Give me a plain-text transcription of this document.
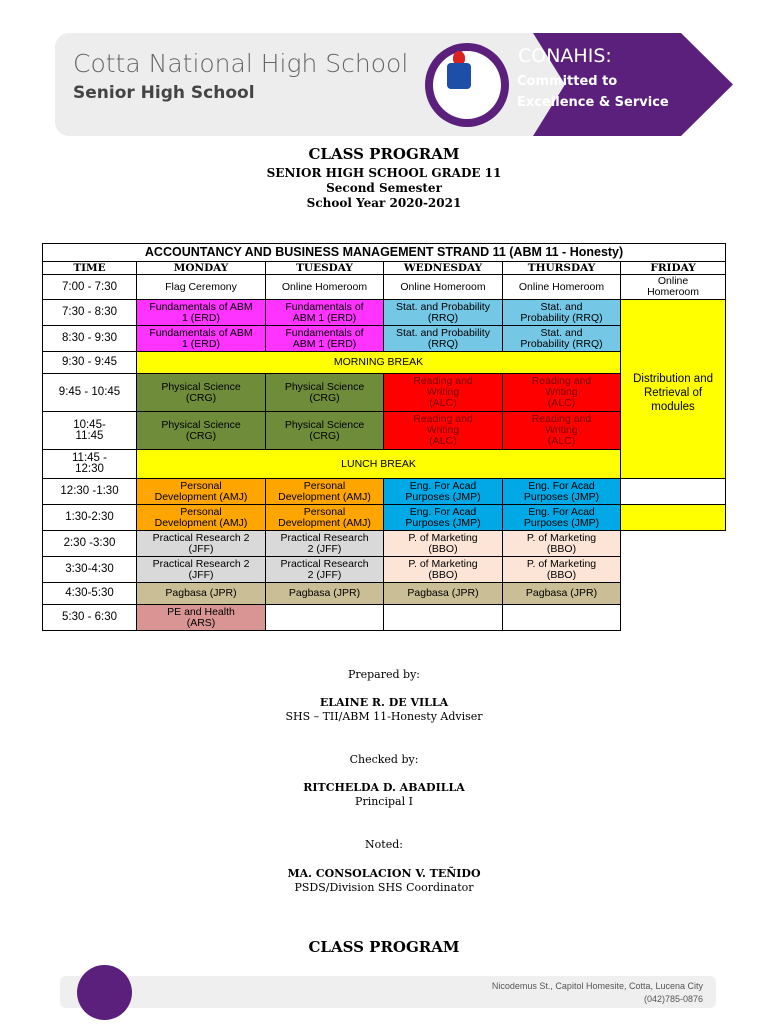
Cotta National High School
Senior High School
CONAHIS:
Committed to
Excellence & Service
CLASS PROGRAM
SENIOR HIGH SCHOOL GRADE 11
Second Semester
School Year 2020-2021
ACCOUNTANCY AND BUSINESS MANAGEMENT STRAND 11 (ABM 11 - Honesty)						
TIME	MONDAY	TUESDAY	WEDNESDAY	THURSDAY	FRIDAY	
7:00 - 7:30	Flag Ceremony	Online Homeroom	Online Homeroom	Online Homeroom	Online
Homeroom	
7:30 - 8:30	Fundamentals of ABM
1 (ERD)	Fundamentals of
ABM 1 (ERD)	Stat. and Probability
(RRQ)	Stat. and
Probability (RRQ)	Distribution and
Retrieval of
modules	
8:30 - 9:30	Fundamentals of ABM
1 (ERD)	Fundamentals of
ABM 1 (ERD)	Stat. and Probability
(RRQ)	Stat. and
Probability (RRQ)		
9:30 - 9:45	MORNING BREAK					
9:45 - 10:45	Physical Science
(CRG)	Physical Science
(CRG)	Reading and
Writing
(ALC)	Reading and
Writing
(ALC)		
10:45-
11:45	Physical Science
(CRG)	Physical Science
(CRG)	Reading and
Writing
(ALC)	Reading and
Writing
(ALC)		
11:45 -
12:30	LUNCH BREAK	
12:30 -1:30	Personal
Development (AMJ)	Personal
Development (AMJ)	Eng. For Acad
Purposes (JMP)	Eng. For Acad
Purposes (JMP)		
1:30-2:30	Personal
Development (AMJ)	Personal
Development (AMJ)	Eng. For Acad
Purposes (JMP)	Eng. For Acad
Purposes (JMP)		
2:30 -3:30	Practical Research 2
(JFF)	Practical Research
2 (JFF)	P. of Marketing
(BBO)	P. of Marketing
(BBO)		
3:30-4:30	Practical Research 2
(JFF)	Practical Research
2 (JFF)	P. of Marketing
(BBO)	P. of Marketing
(BBO)		
4:30-5:30	Pagbasa (JPR)	Pagbasa (JPR)	Pagbasa (JPR)	Pagbasa (JPR)		
5:30 - 6:30	PE and Health
(ARS)					
Prepared by:
ELAINE R. DE VILLA
SHS – TII/ABM 11-Honesty Adviser
Checked by:
RITCHELDA D. ABADILLA
Principal I
Noted:
MA. CONSOLACION V. TEÑIDO
PSDS/Division SHS Coordinator
CLASS PROGRAM
Nicodemus St., Capitol Homesite, Cotta, Lucena City
(042)785-0876
